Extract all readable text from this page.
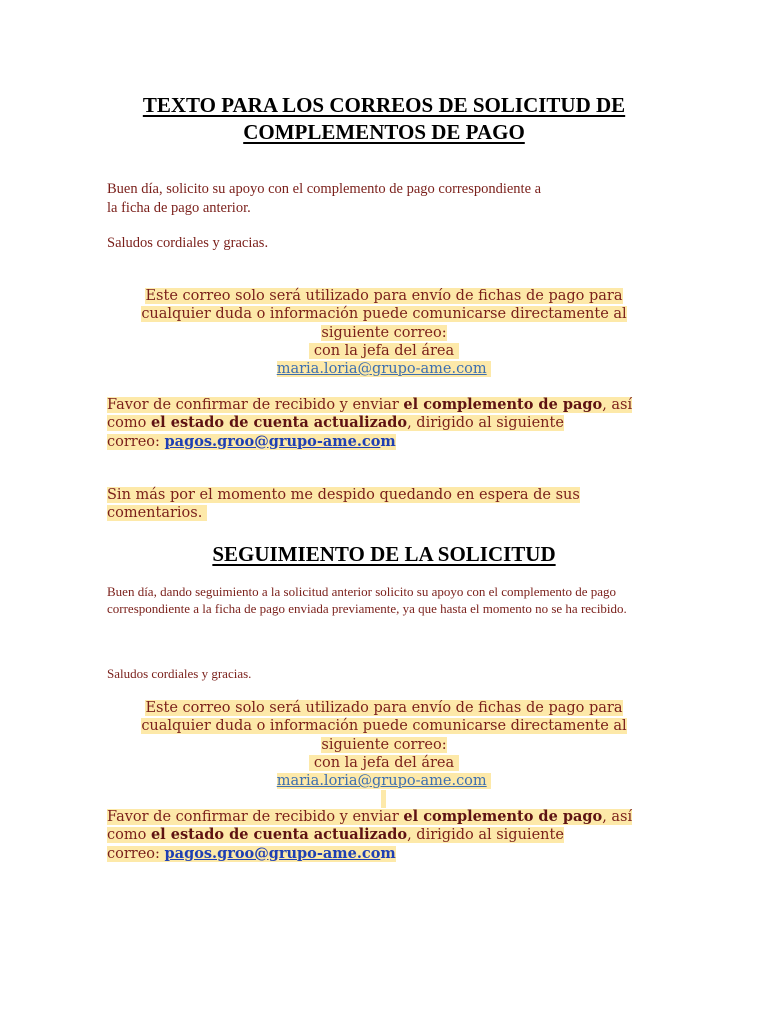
TEXTO PARA LOS CORREOS DE SOLICITUD DE
COMPLEMENTOS DE PAGO
Buen día, solicito su apoyo con el complemento de pago correspondiente a
la ficha de pago anterior.
Saludos cordiales y gracias.
Este correo solo será utilizado para envío de fichas de pago para
cualquier duda o información puede comunicarse directamente al
siguiente correo:
con la jefa del área
maria.loria@grupo-ame.com
Favor de confirmar de recibido y enviar el complemento de pago, así
como el estado de cuenta actualizado, dirigido al siguiente
correo: pagos.groo@grupo-ame.com
Sin más por el momento me despido quedando en espera de sus
comentarios.
SEGUIMIENTO DE LA SOLICITUD
Buen día, dando seguimiento a la solicitud anterior solicito su apoyo con el complemento de pago
correspondiente a la ficha de pago enviada previamente, ya que hasta el momento no se ha recibido.
Saludos cordiales y gracias.
Este correo solo será utilizado para envío de fichas de pago para
cualquier duda o información puede comunicarse directamente al
siguiente correo:
con la jefa del área
maria.loria@grupo-ame.com
Favor de confirmar de recibido y enviar el complemento de pago, así
como el estado de cuenta actualizado, dirigido al siguiente
correo: pagos.groo@grupo-ame.com
